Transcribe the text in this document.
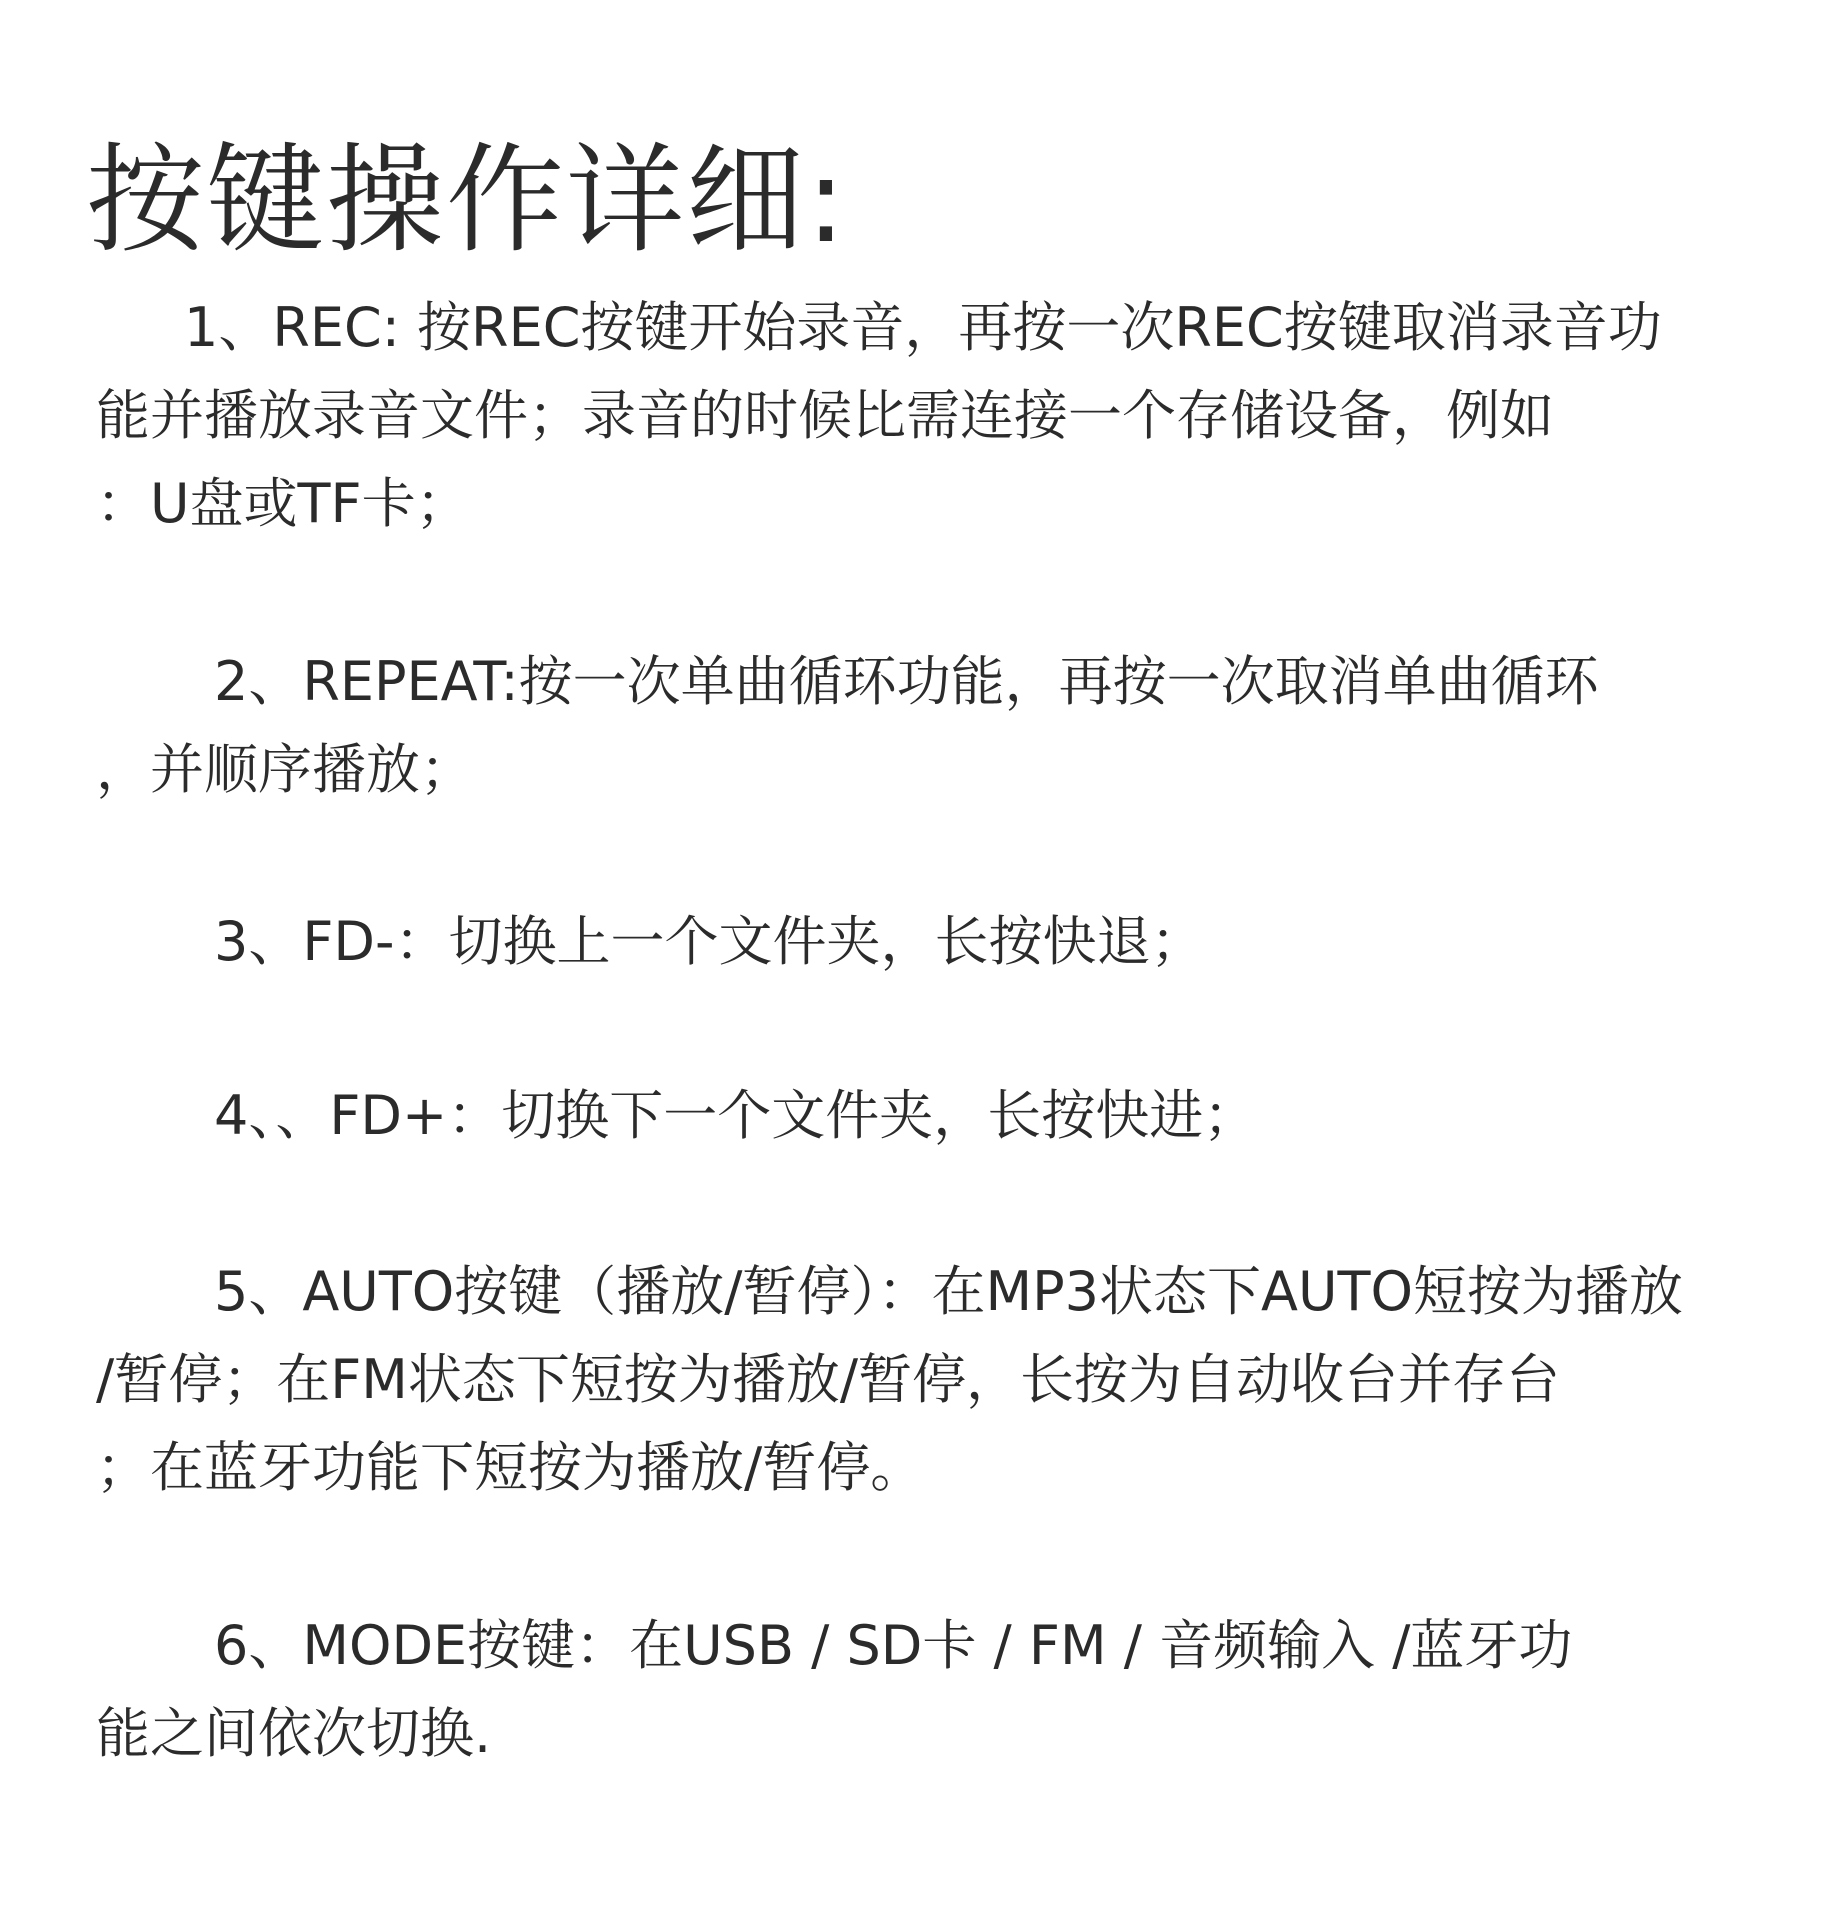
按键操作详细:
1、REC: 按REC按键开始录音，再按一次REC按键取消录音功
能并播放录音文件；录音的时候比需连接一个存储设备，例如
：U盘或TF卡；
2、REPEAT:按一次单曲循环功能，再按一次取消单曲循环
，并顺序播放；
3、FD-：切换上一个文件夹，长按快退；
4、、FD+：切换下一个文件夹，长按快进；
5、AUTO按键（播放/暂停）：在MP3状态下AUTO短按为播放
/暂停；在FM状态下短按为播放/暂停，长按为自动收台并存台
；在蓝牙功能下短按为播放/暂停。
6、MODE按键：在USB / SD卡 / FM / 音频输入 /蓝牙功
能之间依次切换.
